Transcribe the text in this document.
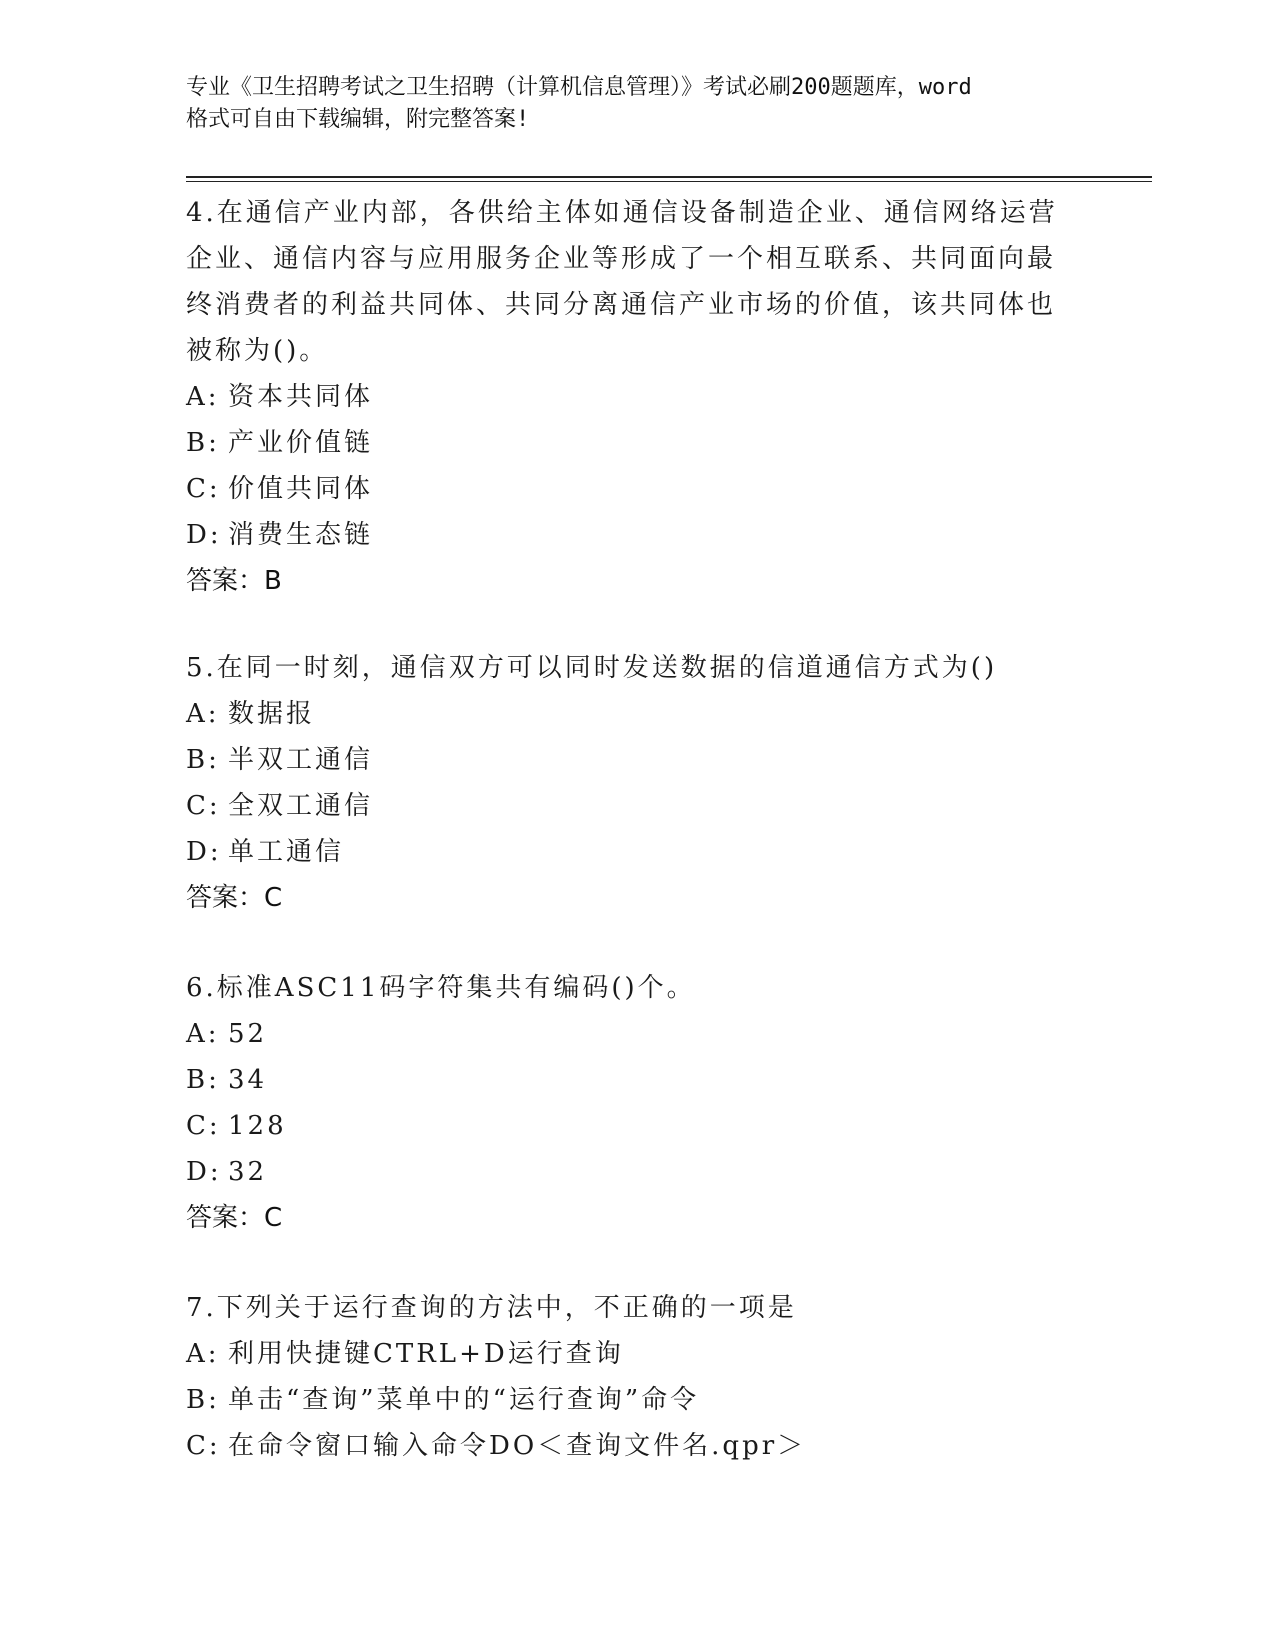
专业《卫生招聘考试之卫生招聘（计算机信息管理）》考试必刷200题题库，word
格式可自由下载编辑，附完整答案!

4.在通信产业内部，各供给主体如通信设备制造企业、通信网络运营

企业、通信内容与应用服务企业等形成了一个相互联系、共同面向最

终消费者的利益共同体、共同分离通信产业市场的价值，该共同体也

被称为()。

A: 资本共同体

B: 产业价值链

C: 价值共同体

D: 消费生态链

答案：B

5.在同一时刻，通信双方可以同时发送数据的信道通信方式为()

A: 数据报

B: 半双工通信

C: 全双工通信

D: 单工通信

答案：C

6.标准ASC11码字符集共有编码()个。

A: 52

B: 34

C: 128

D: 32

答案：C

7.下列关于运行查询的方法中，不正确的一项是

A: 利用快捷键CTRL+D运行查询

B: 单击“查询”菜单中的“运行查询”命令

C: 在命令窗口输入命令DO＜查询文件名.qpr＞
